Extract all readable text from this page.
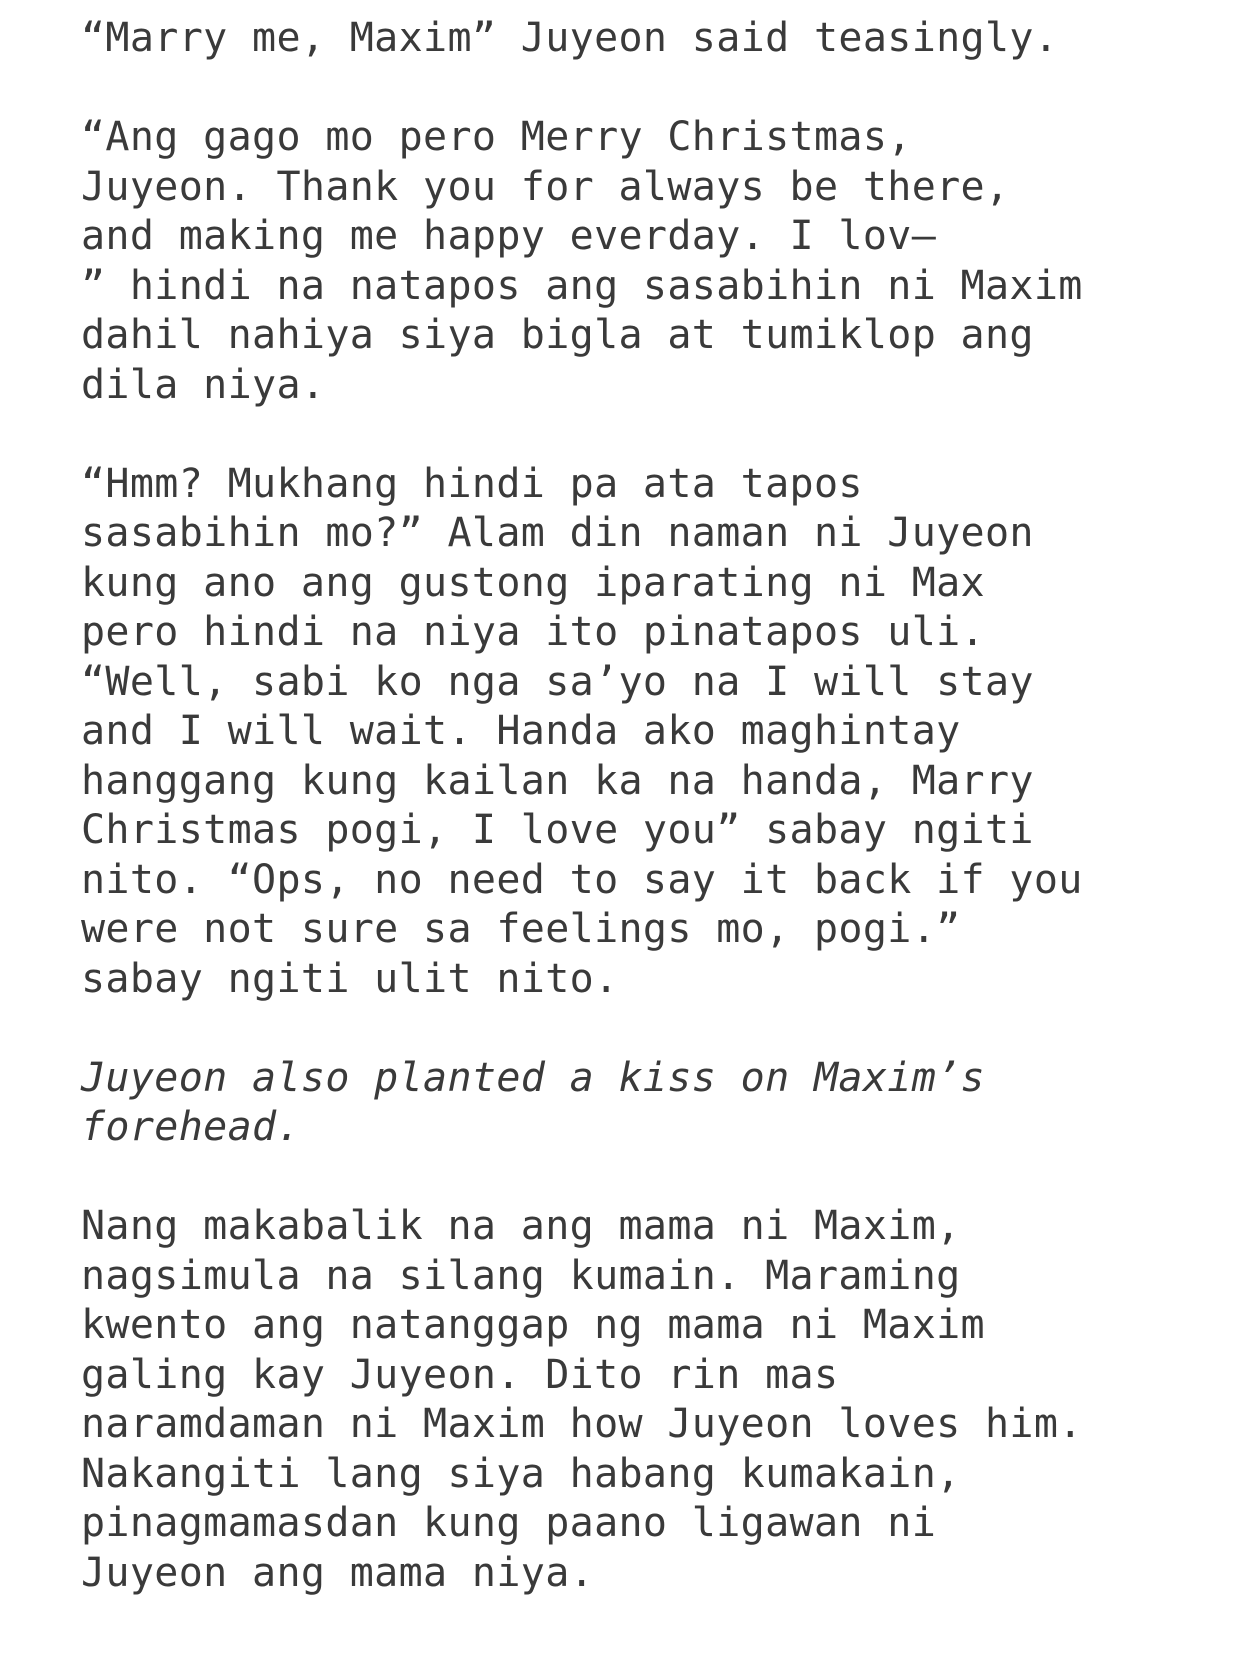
“Marry me, Maxim” Juyeon said teasingly.

“Ang gago mo pero Merry Christmas,
Juyeon. Thank you for always be there,
and making me happy everday. I lov—
” hindi na natapos ang sasabihin ni Maxim
dahil nahiya siya bigla at tumiklop ang
dila niya.

“Hmm? Mukhang hindi pa ata tapos
sasabihin mo?” Alam din naman ni Juyeon
kung ano ang gustong iparating ni Max
pero hindi na niya ito pinatapos uli.
“Well, sabi ko nga sa’yo na I will stay
and I will wait. Handa ako maghintay
hanggang kung kailan ka na handa, Marry
Christmas pogi, I love you” sabay ngiti
nito. “Ops, no need to say it back if you
were not sure sa feelings mo, pogi.”
sabay ngiti ulit nito.

Juyeon also planted a kiss on Maxim’s
forehead.

Nang makabalik na ang mama ni Maxim,
nagsimula na silang kumain. Maraming
kwento ang natanggap ng mama ni Maxim
galing kay Juyeon. Dito rin mas
naramdaman ni Maxim how Juyeon loves him.
Nakangiti lang siya habang kumakain,
pinagmamasdan kung paano ligawan ni
Juyeon ang mama niya.
